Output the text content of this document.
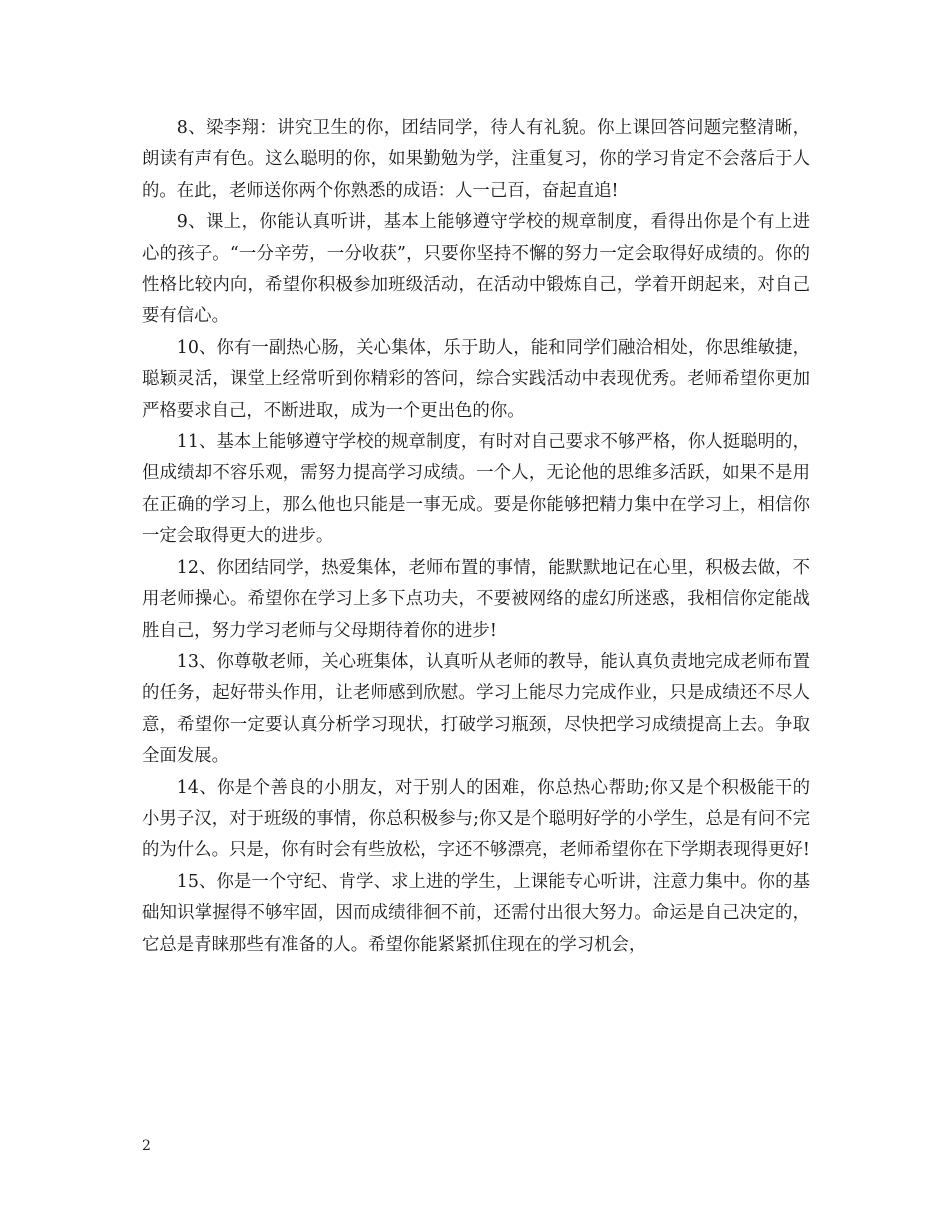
8、梁李翔：讲究卫生的你，团结同学，待人有礼貌。你上课回答问题完整清晰，朗读有声有色。这么聪明的你，如果勤勉为学，注重复习，你的学习肯定不会落后于人的。在此，老师送你两个你熟悉的成语：人一己百，奋起直追!

9、课上，你能认真听讲，基本上能够遵守学校的规章制度，看得出你是个有上进心的孩子。“一分辛劳，一分收获”，只要你坚持不懈的努力一定会取得好成绩的。你的性格比较内向，希望你积极参加班级活动，在活动中锻炼自己，学着开朗起来，对自己要有信心。

10、你有一副热心肠，关心集体，乐于助人，能和同学们融洽相处，你思维敏捷，聪颖灵活，课堂上经常听到你精彩的答问，综合实践活动中表现优秀。老师希望你更加严格要求自己，不断进取，成为一个更出色的你。

11、基本上能够遵守学校的规章制度，有时对自己要求不够严格，你人挺聪明的，但成绩却不容乐观，需努力提高学习成绩。一个人，无论他的思维多活跃，如果不是用在正确的学习上，那么他也只能是一事无成。要是你能够把精力集中在学习上，相信你一定会取得更大的进步。

12、你团结同学，热爱集体，老师布置的事情，能默默地记在心里，积极去做，不用老师操心。希望你在学习上多下点功夫，不要被网络的虚幻所迷惑，我相信你定能战胜自己，努力学习老师与父母期待着你的进步!

13、你尊敬老师，关心班集体，认真听从老师的教导，能认真负责地完成老师布置的任务，起好带头作用，让老师感到欣慰。学习上能尽力完成作业，只是成绩还不尽人意，希望你一定要认真分析学习现状，打破学习瓶颈，尽快把学习成绩提高上去。争取全面发展。

14、你是个善良的小朋友，对于别人的困难，你总热心帮助;你又是个积极能干的小男子汉，对于班级的事情，你总积极参与;你又是个聪明好学的小学生，总是有问不完的为什么。只是，你有时会有些放松，字还不够漂亮，老师希望你在下学期表现得更好!

15、你是一个守纪、肯学、求上进的学生，上课能专心听讲，注意力集中。你的基础知识掌握得不够牢固，因而成绩徘徊不前，还需付出很大努力。命运是自己决定的，它总是青睐那些有准备的人。希望你能紧紧抓住现在的学习机会，

2
